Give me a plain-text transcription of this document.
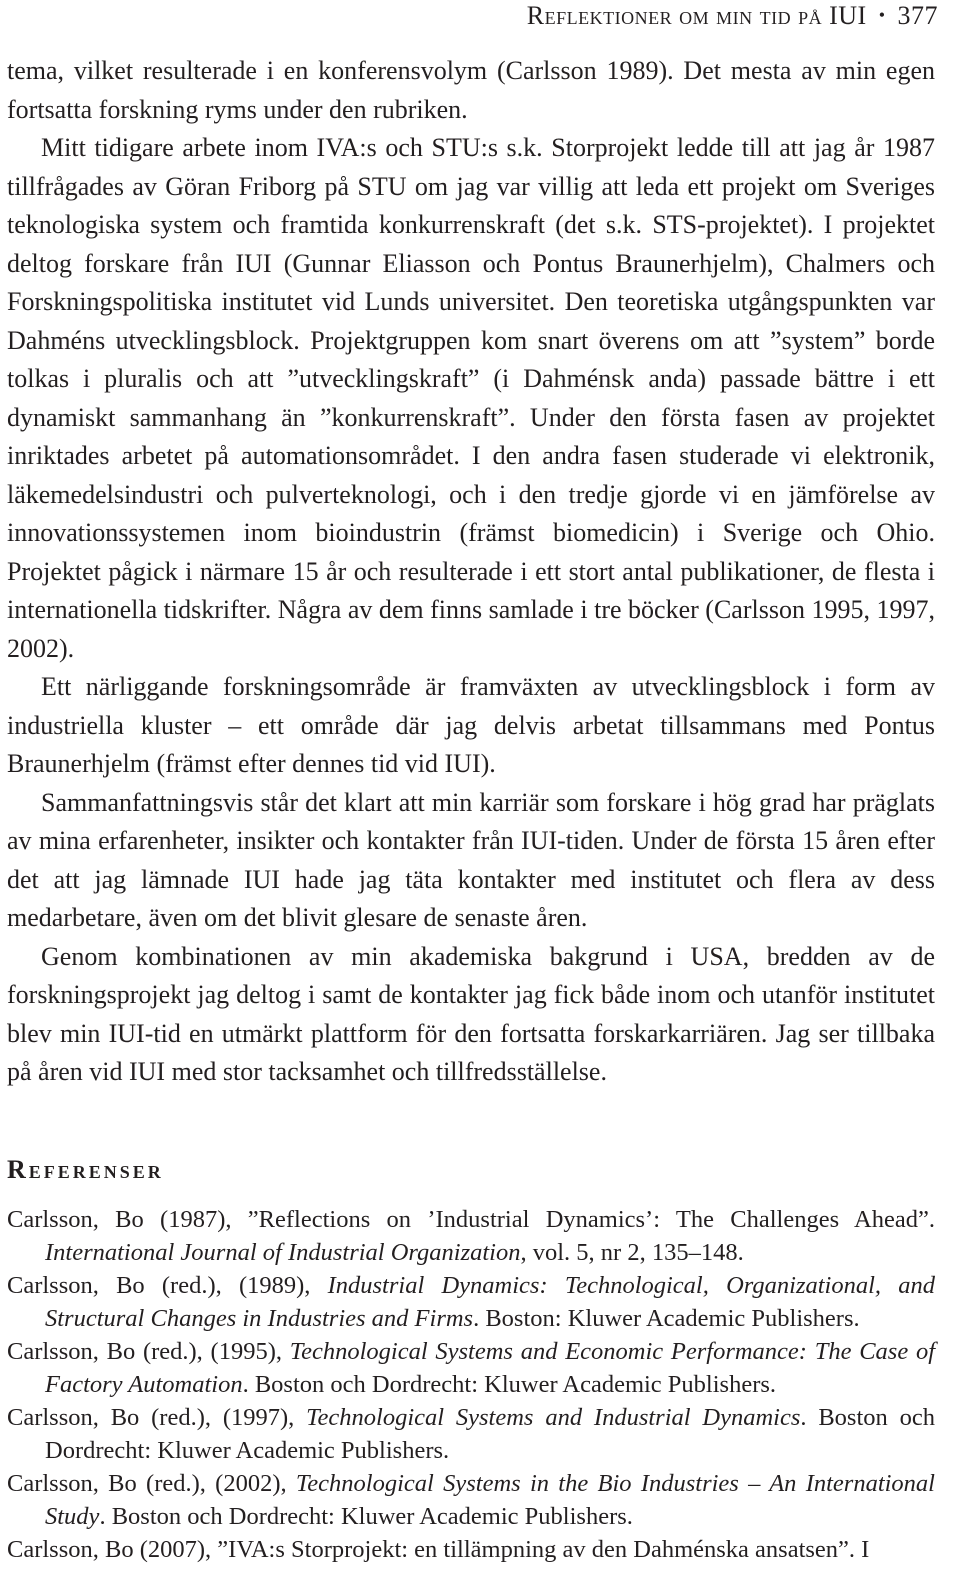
Reflektioner om min tid på IUI • 377

tema, vilket resulterade i en konferensvolym (Carlsson 1989). Det mesta av min egen fortsatta forskning ryms under den rubriken.

Mitt tidigare arbete inom IVA:s och STU:s s.k. Storprojekt ledde till att jag år 1987 tillfrågades av Göran Friborg på STU om jag var villig att leda ett projekt om Sveriges teknologiska system och framtida konkurrenskraft (det s.k. STS-projektet). I projektet deltog forskare från IUI (Gunnar Eliasson och Pontus Braunerhjelm), Chalmers och Forskningspolitiska institutet vid Lunds universitet. Den teoretiska utgångspunkten var Dahméns utvecklingsblock. Projektgruppen kom snart överens om att ”system” borde tolkas i pluralis och att ”utvecklingskraft” (i Dahménsk anda) passade bättre i ett dynamiskt sammanhang än ”konkurrenskraft”. Under den första fasen av projektet inriktades arbetet på automationsområdet. I den andra fasen studerade vi elektronik, läkemedelsindustri och pulverteknologi, och i den tredje gjorde vi en jämförelse av innovationssystemen inom bioindustrin (främst biomedicin) i Sverige och Ohio. Projektet pågick i närmare 15 år och resulterade i ett stort antal publikationer, de flesta i internationella tidskrifter. Några av dem finns samlade i tre böcker (Carlsson 1995, 1997, 2002).

Ett närliggande forskningsområde är framväxten av utvecklingsblock i form av industriella kluster – ett område där jag delvis arbetat tillsammans med Pontus Braunerhjelm (främst efter dennes tid vid IUI).

Sammanfattningsvis står det klart att min karriär som forskare i hög grad har präglats av mina erfarenheter, insikter och kontakter från IUI-tiden. Under de första 15 åren efter det att jag lämnade IUI hade jag täta kontakter med institutet och flera av dess medarbetare, även om det blivit glesare de senaste åren.

Genom kombinationen av min akademiska bakgrund i USA, bredden av de forskningsprojekt jag deltog i samt de kontakter jag fick både inom och utanför institutet blev min IUI-tid en utmärkt plattform för den fortsatta forskarkarriären. Jag ser tillbaka på åren vid IUI med stor tacksamhet och tillfredsställelse.

Referenser

Carlsson, Bo (1987), ”Reflections on ’Industrial Dynamics’: The Challenges Ahead”. International Journal of Industrial Organization, vol. 5, nr 2, 135–148.

Carlsson, Bo (red.), (1989), Industrial Dynamics: Technological, Organizational, and Structural Changes in Industries and Firms. Boston: Kluwer Academic Publishers.

Carlsson, Bo (red.), (1995), Technological Systems and Economic Performance: The Case of Factory Automation. Boston och Dordrecht: Kluwer Academic Publishers.

Carlsson, Bo (red.), (1997), Technological Systems and Industrial Dynamics. Boston och Dordrecht: Kluwer Academic Publishers.

Carlsson, Bo (red.), (2002), Technological Systems in the Bio Industries – An International Study. Boston och Dordrecht: Kluwer Academic Publishers.

Carlsson, Bo (2007), ”IVA:s Storprojekt: en tillämpning av den Dahménska ansatsen”. I
